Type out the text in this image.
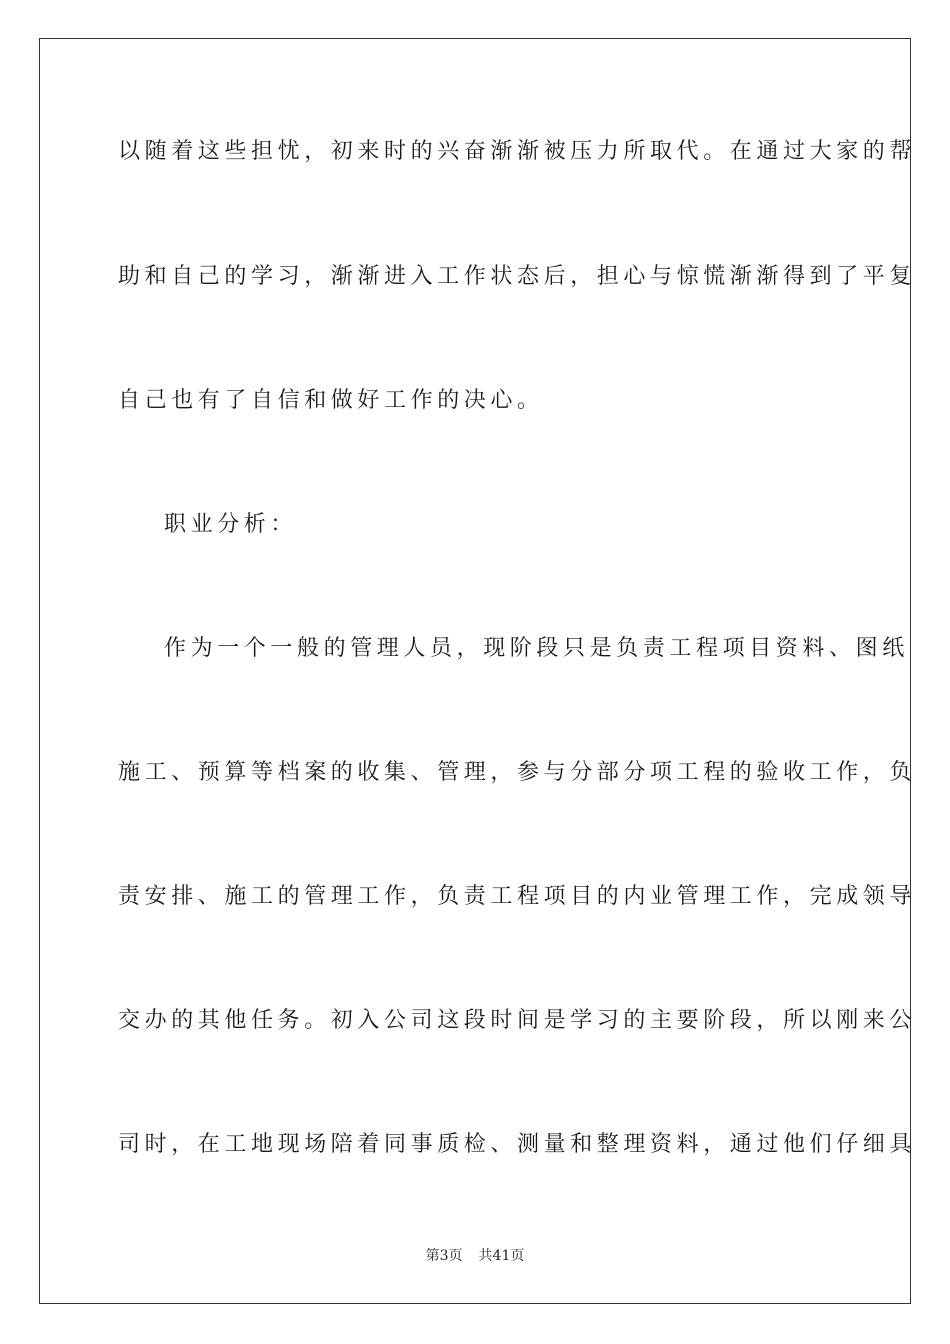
以随着这些担忧，初来时的兴奋渐渐被压力所取代。在通过大家的帮
助和自己的学习，渐渐进入工作状态后，担心与惊慌渐渐得到了平复
自己也有了自信和做好工作的决心。
职业分析：
作为一个一般的管理人员，现阶段只是负责工程项目资料、图纸
施工、预算等档案的收集、管理，参与分部分项工程的验收工作，负
责安排、施工的管理工作，负责工程项目的内业管理工作，完成领导
交办的其他任务。初入公司这段时间是学习的主要阶段，所以刚来公
司时，在工地现场陪着同事质检、测量和整理资料，通过他们仔细具
第3页 共41页
